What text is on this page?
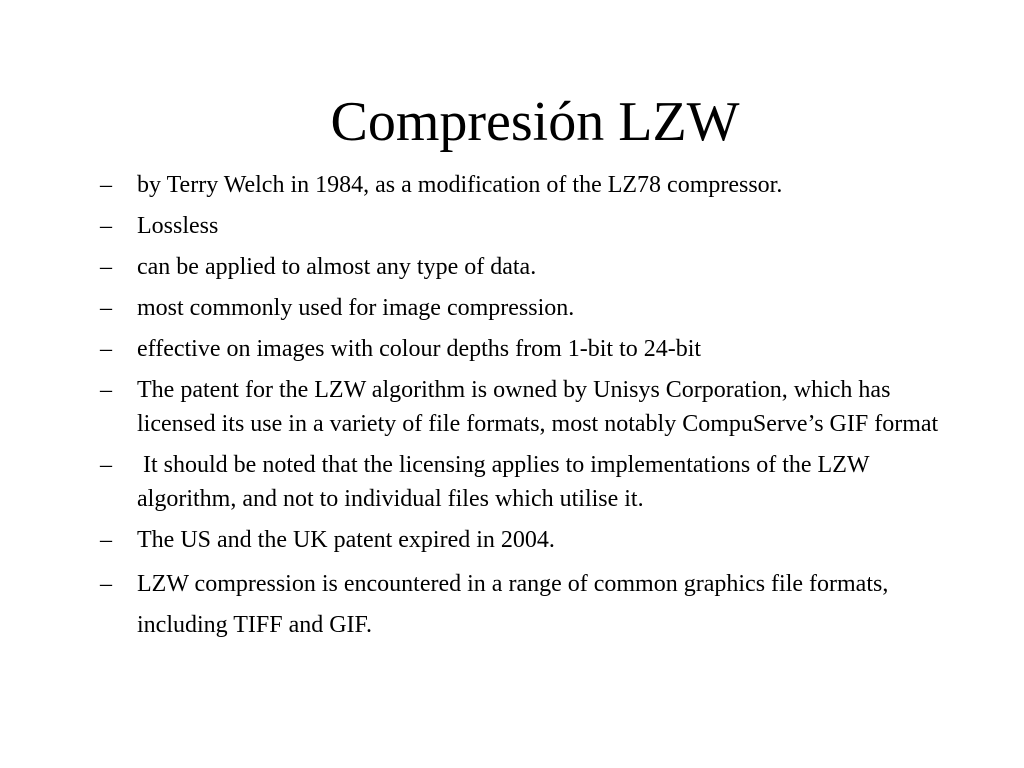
Compresión LZW
–	by Terry Welch in 1984, as a modification of the LZ78 compressor.
–	Lossless
–	can be applied to almost any type of data.
–	most commonly used for image compression.
–	effective on images with colour depths from 1-bit to 24-bit
–	The patent for the LZW algorithm is owned by Unisys Corporation, which has licensed its use in a variety of file formats, most notably CompuServe’s GIF format
–	It should be noted that the licensing applies to implementations of the LZW algorithm, and not to individual files which utilise it.
–	The US and the UK patent expired in 2004.
–	LZW compression is encountered in a range of common graphics file formats, including TIFF and GIF.
